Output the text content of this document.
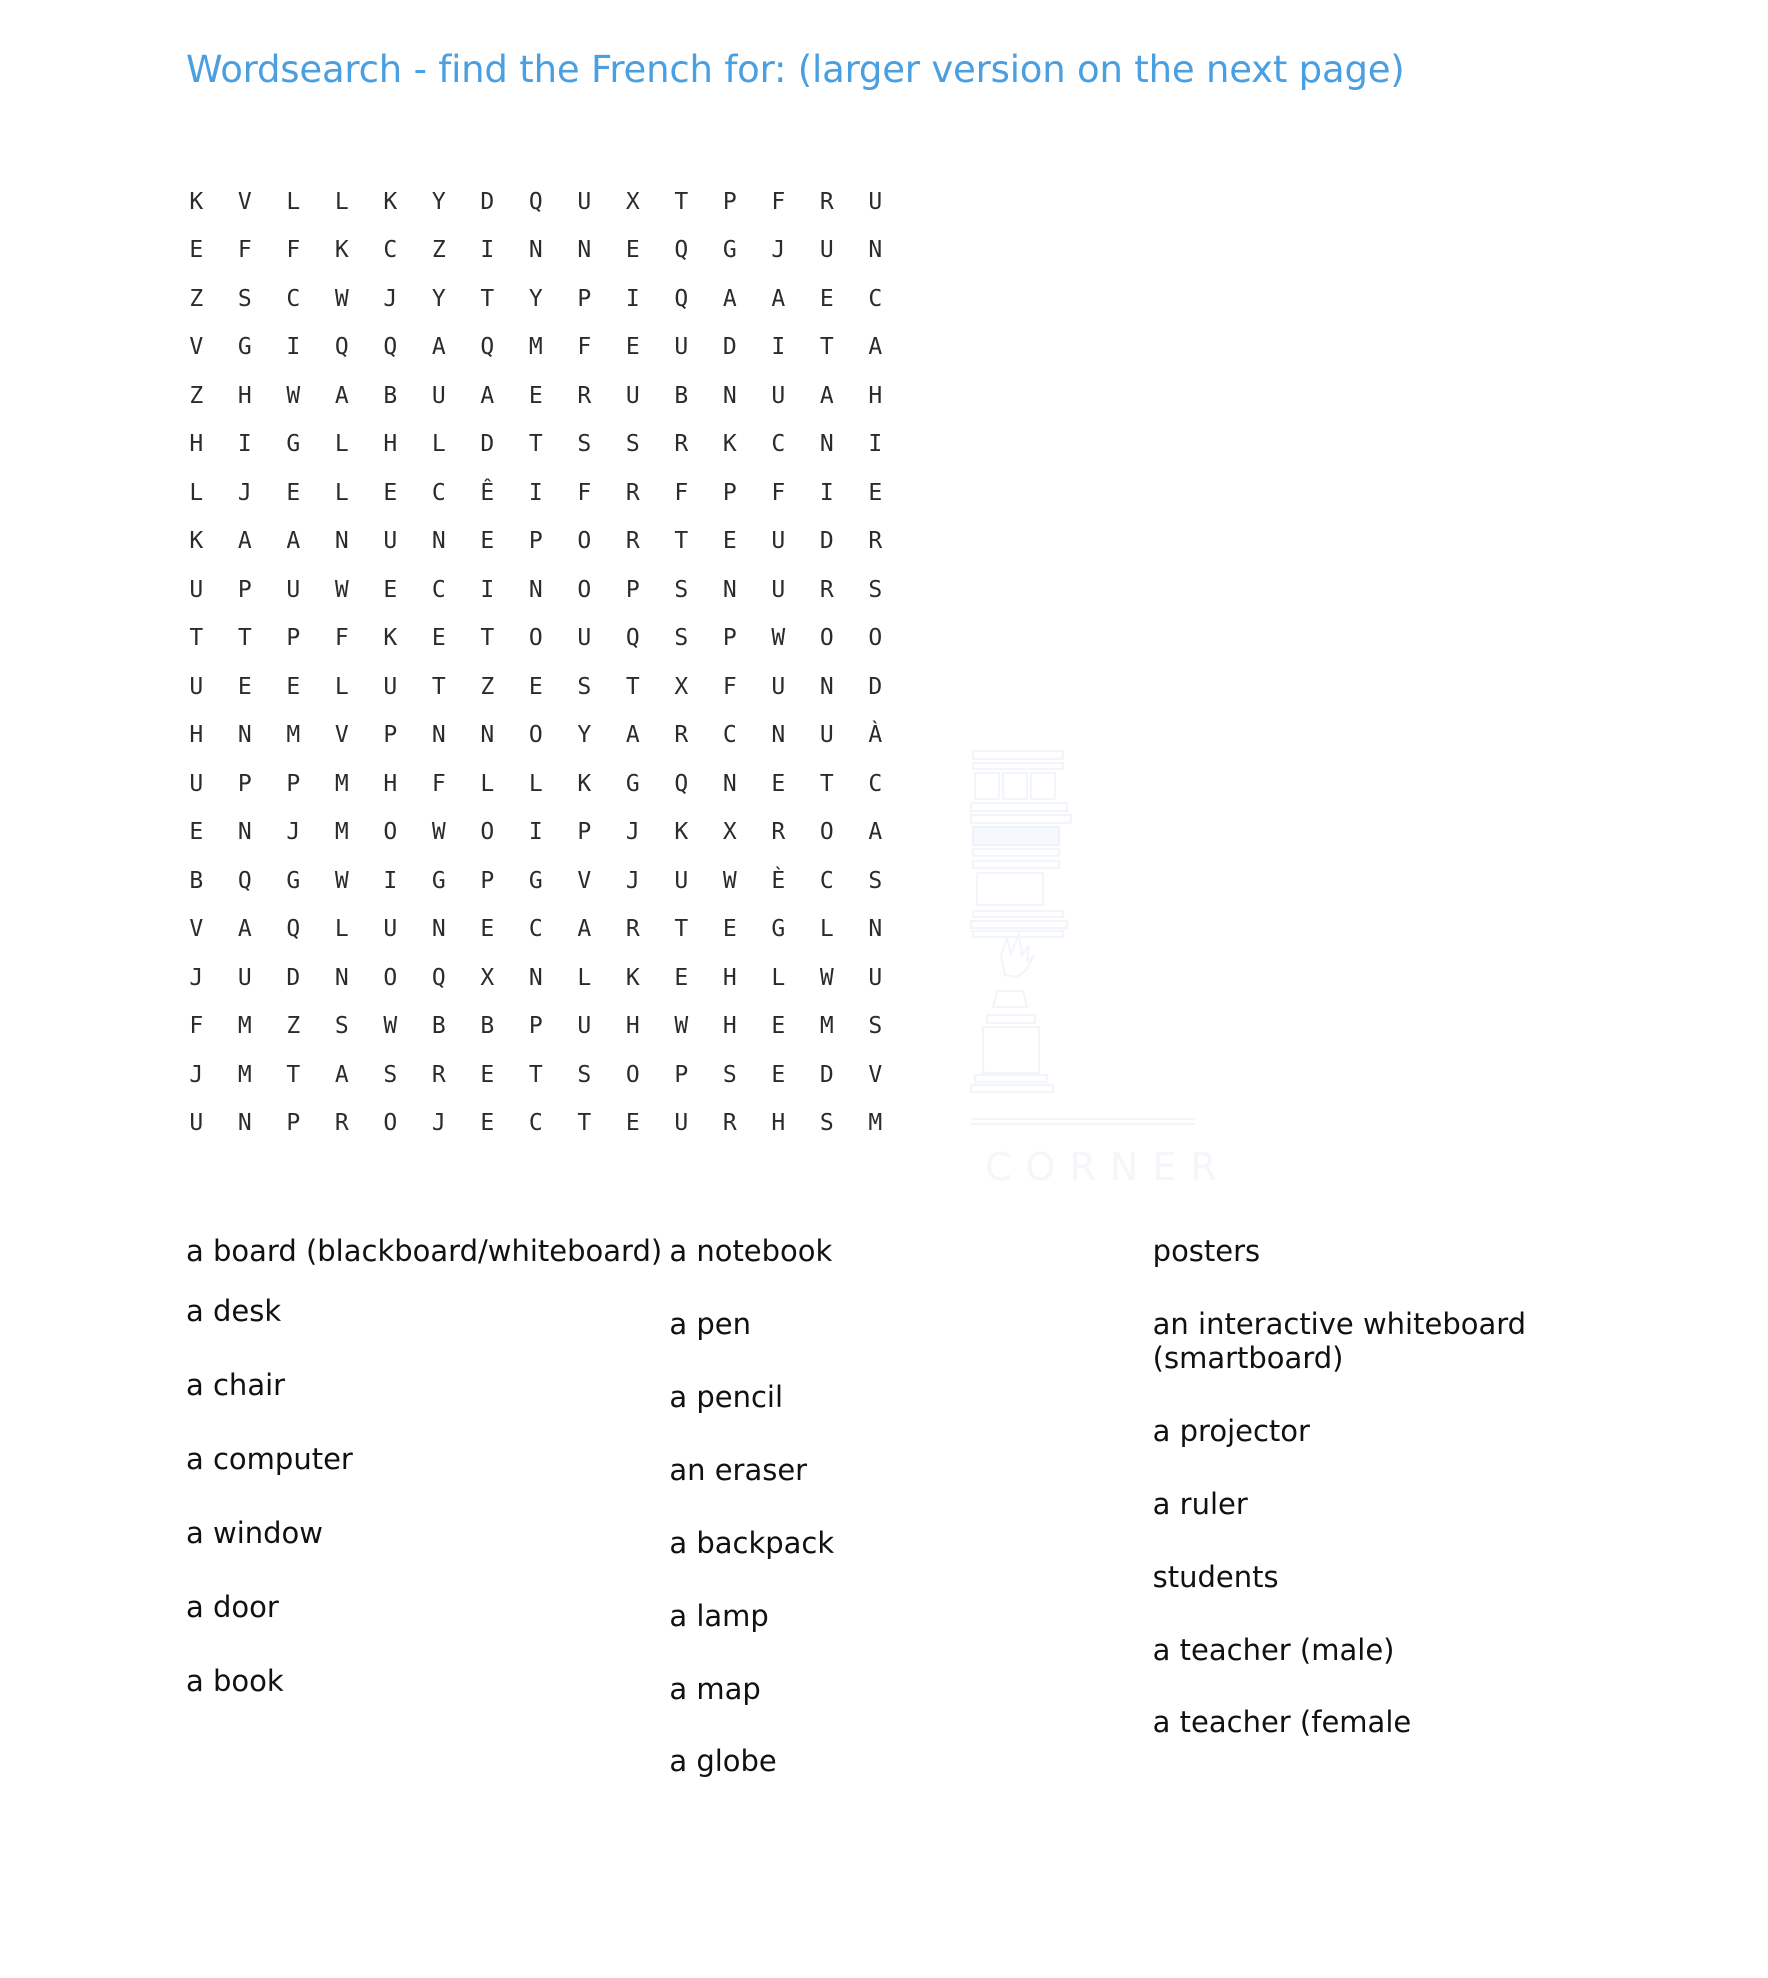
CORNER
Wordsearch - find the French for: (larger version on the next page)
K	V	L	L	K	Y	D	Q	U	X	T	P	F	R	U
E	F	F	K	C	Z	I	N	N	E	Q	G	J	U	N
Z	S	C	W	J	Y	T	Y	P	I	Q	A	A	E	C
V	G	I	Q	Q	A	Q	M	F	E	U	D	I	T	A
Z	H	W	A	B	U	A	E	R	U	B	N	U	A	H
H	I	G	L	H	L	D	T	S	S	R	K	C	N	I
L	J	E	L	E	C	Ê	I	F	R	F	P	F	I	E
K	A	A	N	U	N	E	P	O	R	T	E	U	D	R
U	P	U	W	E	C	I	N	O	P	S	N	U	R	S
T	T	P	F	K	E	T	O	U	Q	S	P	W	O	O
U	E	E	L	U	T	Z	E	S	T	X	F	U	N	D
H	N	M	V	P	N	N	O	Y	A	R	C	N	U	À
U	P	P	M	H	F	L	L	K	G	Q	N	E	T	C
E	N	J	M	O	W	O	I	P	J	K	X	R	O	A
B	Q	G	W	I	G	P	G	V	J	U	W	È	C	S
V	A	Q	L	U	N	E	C	A	R	T	E	G	L	N
J	U	D	N	O	Q	X	N	L	K	E	H	L	W	U
F	M	Z	S	W	B	B	P	U	H	W	H	E	M	S
J	M	T	A	S	R	E	T	S	O	P	S	E	D	V
U	N	P	R	O	J	E	C	T	E	U	R	H	S	M
a board (blackboard/whiteboard)
a desk
a chair
a computer
a window
a door
a book
a notebook
a pen
a pencil
an eraser
a backpack
a lamp
a map
a globe
posters
an interactive whiteboard (smartboard)
a projector
a ruler
students
a teacher (male)
a teacher (female
